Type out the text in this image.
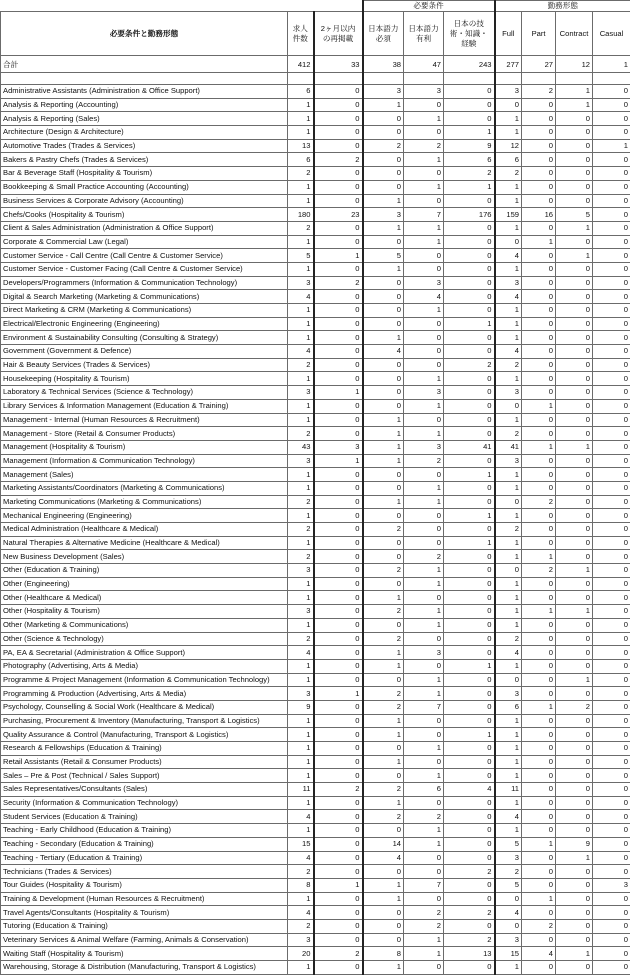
			必要条件			勤務形態			
必要条件と勤務形態	求人件数	2ヶ月以内の再掲載	日本語力必須	日本語力有利	日本の技術・知識・経験	Full	Part	Contract	Casual
合計	412	33	38	47	243	277	27	12	1

Administrative Assistants (Administration & Office Support)	6	0	3	3	0	3	2	1	0
Analysis & Reporting (Accounting)	1	0	1	0	0	0	0	1	0
Analysis & Reporting (Sales)	1	0	0	1	0	1	0	0	0
Architecture (Design & Architecture)	1	0	0	0	1	1	0	0	0
Automotive Trades (Trades & Services)	13	0	2	2	9	12	0	0	1
Bakers & Pastry Chefs (Trades & Services)	6	2	0	1	6	6	0	0	0
Bar & Beverage Staff (Hospitality & Tourism)	2	0	0	0	2	2	0	0	0
Bookkeeping & Small Practice Accounting (Accounting)	1	0	0	1	1	1	0	0	0
Business Services & Corporate Advisory (Accounting)	1	0	1	0	0	1	0	0	0
Chefs/Cooks (Hospitality & Tourism)	180	23	3	7	176	159	16	5	0
Client & Sales Administration (Administration & Office Support)	2	0	1	1	0	1	0	1	0
Corporate & Commercial Law (Legal)	1	0	0	1	0	0	1	0	0
Customer Service - Call Centre (Call Centre & Customer Service)	5	1	5	0	0	4	0	1	0
Customer Service - Customer Facing (Call Centre & Customer Service)	1	0	1	0	0	1	0	0	0
Developers/Programmers (Information & Communication Technology)	3	2	0	3	0	3	0	0	0
Digital & Search Marketing (Marketing & Communications)	4	0	0	4	0	4	0	0	0
Direct Marketing & CRM (Marketing & Communications)	1	0	0	1	0	1	0	0	0
Electrical/Electronic Engineering (Engineering)	1	0	0	0	1	1	0	0	0
Environment & Sustainability Consulting (Consulting & Strategy)	1	0	1	0	0	1	0	0	0
Government (Government & Defence)	4	0	4	0	0	4	0	0	0
Hair & Beauty Services (Trades & Services)	2	0	0	0	2	2	0	0	0
Housekeeping (Hospitality & Tourism)	1	0	0	1	0	1	0	0	0
Laboratory & Technical Services (Science & Technology)	3	1	0	3	0	3	0	0	0
Library Services & Information Management (Education & Training)	1	0	0	1	0	0	1	0	0
Management - Internal (Human Resources & Recruitment)	1	0	1	0	0	1	0	0	0
Management - Store (Retail & Consumer Products)	2	0	1	1	0	2	0	0	0
Management (Hospitality & Tourism)	43	3	1	3	41	41	1	1	0
Management (Information & Communication Technology)	3	1	1	2	0	3	0	0	0
Management (Sales)	1	0	0	0	1	1	0	0	0
Marketing Assistants/Coordinators (Marketing & Communications)	1	0	0	1	0	1	0	0	0
Marketing Communications (Marketing & Communications)	2	0	1	1	0	0	2	0	0
Mechanical Engineering (Engineering)	1	0	0	0	1	1	0	0	0
Medical Administration (Healthcare & Medical)	2	0	2	0	0	2	0	0	0
Natural Therapies & Alternative Medicine (Healthcare & Medical)	1	0	0	0	1	1	0	0	0
New Business Development (Sales)	2	0	0	2	0	1	1	0	0
Other (Education & Training)	3	0	2	1	0	0	2	1	0
Other (Engineering)	1	0	0	1	0	1	0	0	0
Other (Healthcare & Medical)	1	0	1	0	0	1	0	0	0
Other (Hospitality & Tourism)	3	0	2	1	0	1	1	1	0
Other (Marketing & Communications)	1	0	0	1	0	1	0	0	0
Other (Science & Technology)	2	0	2	0	0	2	0	0	0
PA, EA & Secretarial (Administration & Office Support)	4	0	1	3	0	4	0	0	0
Photography (Advertising, Arts & Media)	1	0	1	0	1	1	0	0	0
Programme & Project Management (Information & Communication Technology)	1	0	0	1	0	0	0	1	0
Programming & Production (Advertising, Arts & Media)	3	1	2	1	0	3	0	0	0
Psychology, Counselling & Social Work (Healthcare & Medical)	9	0	2	7	0	6	1	2	0
Purchasing, Procurement & Inventory (Manufacturing, Transport & Logistics)	1	0	1	0	0	1	0	0	0
Quality Assurance & Control (Manufacturing, Transport & Logistics)	1	0	1	0	1	1	0	0	0
Research & Fellowships (Education & Training)	1	0	0	1	0	1	0	0	0
Retail Assistants (Retail & Consumer Products)	1	0	1	0	0	1	0	0	0
Sales – Pre & Post (Technical / Sales Support)	1	0	0	1	0	1	0	0	0
Sales Representatives/Consultants (Sales)	11	2	2	6	4	11	0	0	0
Security (Information & Communication Technology)	1	0	1	0	0	1	0	0	0
Student Services (Education & Training)	4	0	2	2	0	4	0	0	0
Teaching - Early Childhood (Education & Training)	1	0	0	1	0	1	0	0	0
Teaching - Secondary (Education & Training)	15	0	14	1	0	5	1	9	0
Teaching - Tertiary (Education & Training)	4	0	4	0	0	3	0	1	0
Technicians (Trades & Services)	2	0	0	0	2	2	0	0	0
Tour Guides (Hospitality & Tourism)	8	1	1	7	0	5	0	0	3
Training & Development (Human Resources & Recruitment)	1	0	1	0	0	0	1	0	0
Travel Agents/Consultants (Hospitality & Tourism)	4	0	0	2	2	4	0	0	0
Tutoring (Education & Training)	2	0	0	2	0	0	2	0	0
Veterinary Services & Animal Welfare (Farming, Animals & Conservation)	3	0	0	1	2	3	0	0	0
Waiting Staff (Hospitality & Tourism)	20	2	8	1	13	15	4	1	0
Warehousing, Storage & Distribution (Manufacturing, Transport & Logistics)	1	0	1	0	0	1	0	0	0
